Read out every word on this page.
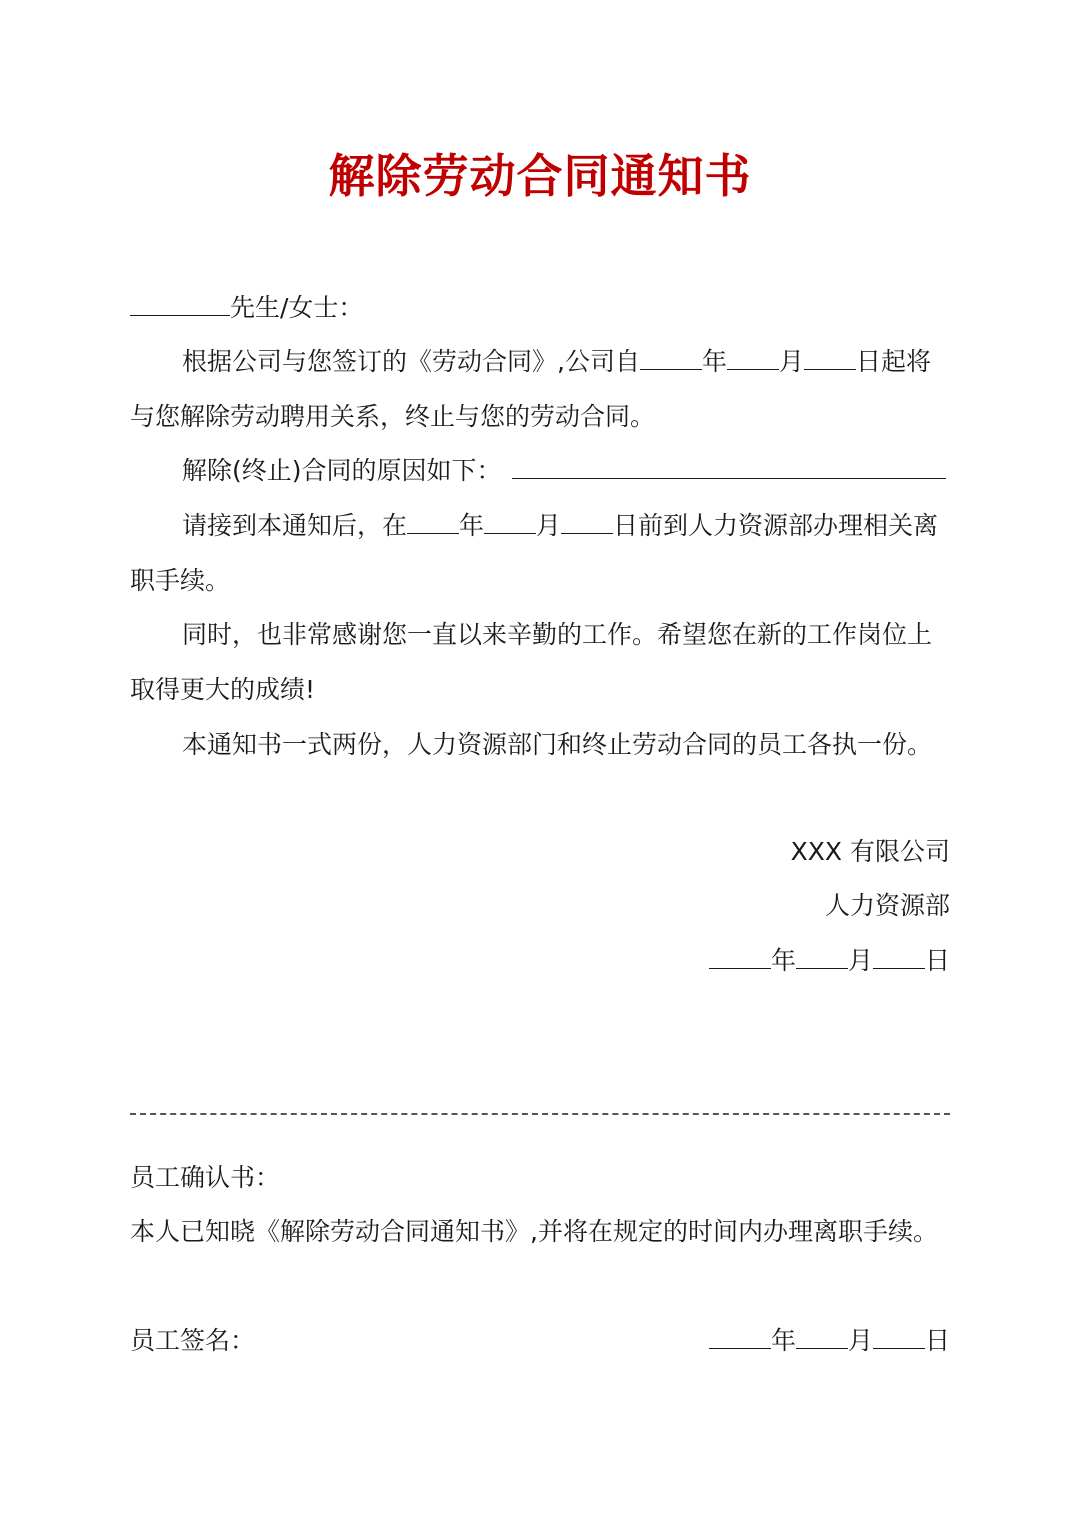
解除劳动合同通知书
先生/女士：
根据公司与您签订的《劳动合同》,公司自 年 月 日起将
与您解除劳动聘用关系，终止与您的劳动合同。
解除(终止)合同的原因如下：
请接到本通知后，在 年 月 日前到人力资源部办理相关离
职手续。
同时，也非常感谢您一直以来辛勤的工作。希望您在新的工作岗位上
取得更大的成绩!
本通知书一式两份，人力资源部门和终止劳动合同的员工各执一份。
XXX 有限公司
人力资源部
年 月 日
员工确认书：
本人已知晓《解除劳动合同通知书》,并将在规定的时间内办理离职手续。
员工签名：	年 月 日
